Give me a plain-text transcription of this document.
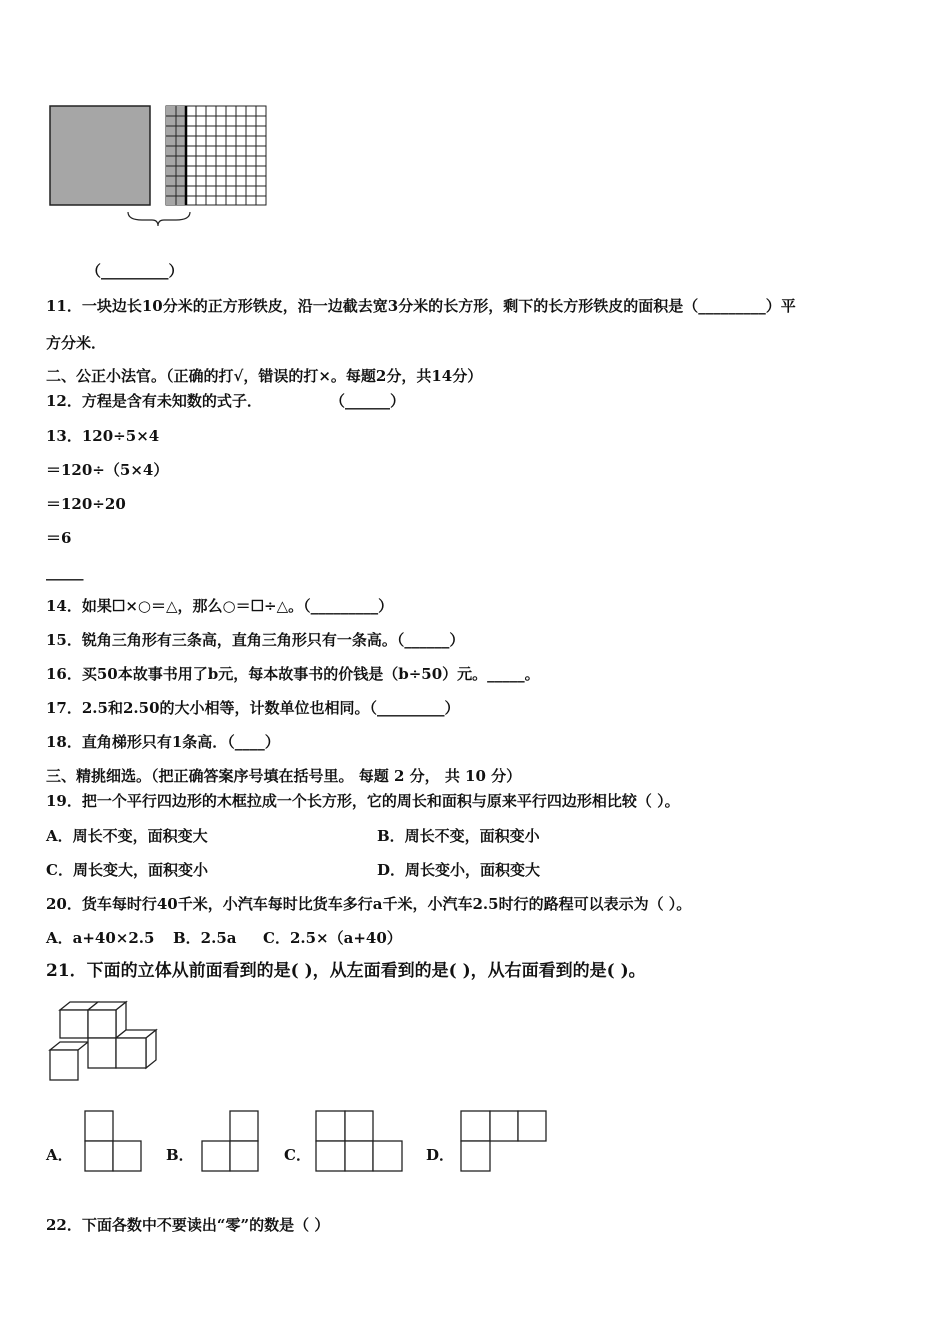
（_________）
11．一块边长10分米的正方形铁皮，沿一边截去宽3分米的长方形，剩下的长方形铁皮的面积是（_________）平
方分米．
二、公正小法官。（正确的打√，错误的打×。每题2分，共14分）
12．方程是含有未知数的式子．	（______）
13．120÷5×4
＝120÷（5×4）
＝120÷20
＝6
_____
14．如果☐×○＝△，那么○＝☐÷△。（_________）
15．锐角三角形有三条高，直角三角形只有一条高。（______）
16．买50本故事书用了b元，每本故事书的价钱是（b÷50）元。_____。
17．2.5和2.50的大小相等，计数单位也相同。（_________）
18．直角梯形只有1条高．（____）
三、精挑细选。（把正确答案序号填在括号里。 每题 2 分， 共 10 分）
19．把一个平行四边形的木框拉成一个长方形，它的周长和面积与原来平行四边形相比较（ ）。
A．周长不变，面积变大	B．周长不变，面积变小
C．周长变大，面积变小	D．周长变小，面积变大
20．货车每时行40千米，小汽车每时比货车多行a千米，小汽车2.5时行的路程可以表示为（ ）。
A．a+40×2.5 B．2.5a C．2.5×（a+40）
21．下面的立体从前面看到的是( )，从左面看到的是( )，从右面看到的是( )。
A．	B．	C．	D．
22．下面各数中不要读出“零”的数是（ ）
